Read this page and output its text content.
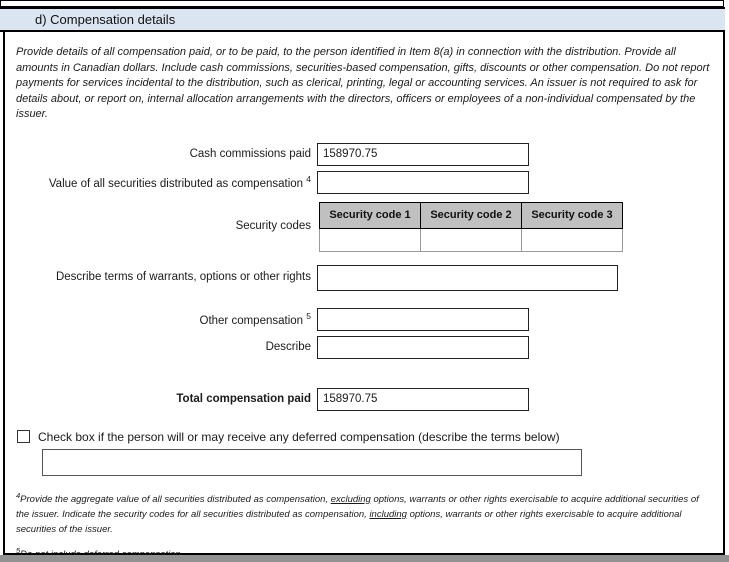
d) Compensation details

Provide details of all compensation paid, or to be paid, to the person identified in Item 8(a) in connection with the distribution. Provide all amounts in Canadian dollars. Include cash commissions, securities-based compensation, gifts, discounts or other compensation. Do not report payments for services incidental to the distribution, such as clerical, printing, legal or accounting services. An issuer is not required to ask for details about, or report on, internal allocation arrangements with the directors, officers or employees of a non-individual compensated by the issuer.

Cash commissions paid
158970.75
Value of all securities distributed as compensation $^4$
Security codes
Security code 1	Security code 2	Security code 3

Describe terms of warrants, options or other rights
Other compensation $^5$
Describe
Total compensation paid
158970.75
Check box if the person will or may receive any deferred compensation (describe the terms below)
$^4$Provide the aggregate value of all securities distributed as compensation, excluding options, warrants or other rights exercisable to acquire additional securities of the issuer. Indicate the security codes for all securities distributed as compensation, including options, warrants or other rights exercisable to acquire additional securities of the issuer.
$^5$
